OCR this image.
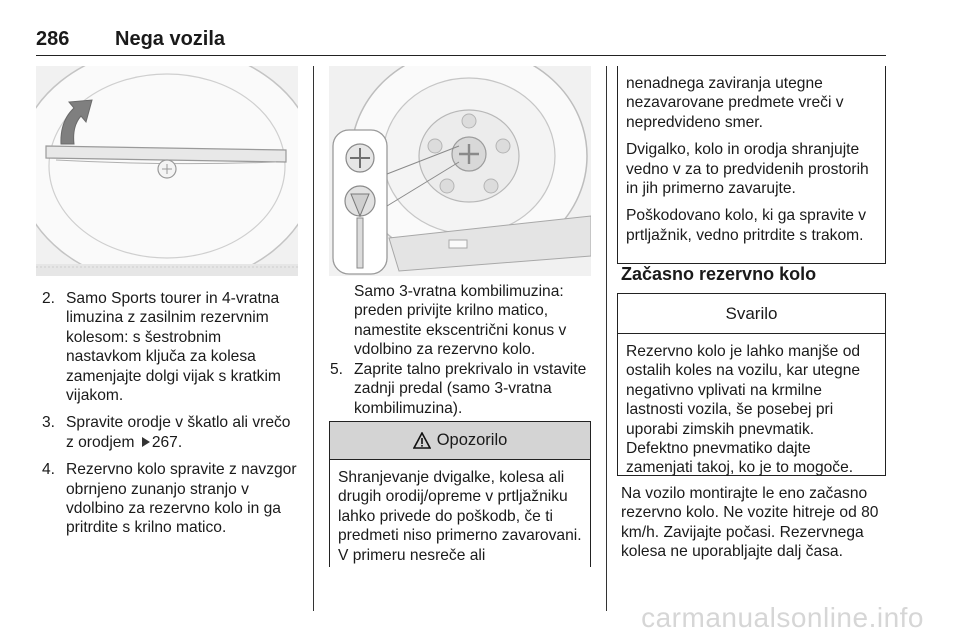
286 Nega vozila
2. Samo Sports tourer in 4-vratna limuzina z zasilnim rezervnim kolesom: s šestrobnim nastavkom ključa za kolesa zamenjajte dolgi vijak s kratkim vijakom.
3. Spravite orodje v škatlo ali vrečo z orodjem 267.
4. Rezervno kolo spravite z navzgor obrnjeno zunanjo stranjo v vdolbino za rezervno kolo in ga pritrdite s krilno matico.
Samo 3-vratna kombilimuzina: preden privijte krilno matico, namestite ekscentrični konus v vdolbino za rezervno kolo.
5. Zaprite talno prekrivalo in vstavite zadnji predal (samo 3-vratna kombilimuzina).
Opozorilo
Shranjevanje dvigalke, kolesa ali drugih orodij/opreme v prtljažniku lahko privede do poškodb, če ti predmeti niso primerno zavarovani. V primeru nesreče ali

nenadnega zaviranja utegne nezavarovane predmete vreči v nepredvideno smer.

Dvigalko, kolo in orodja shranjujte vedno v za to predvidenih prostorih in jih primerno zavarujte.

Poškodovano kolo, ki ga spravite v prtljažnik, vedno pritrdite s trakom.

Začasno rezervno kolo
Svarilo
Rezervno kolo je lahko manjše od ostalih koles na vozilu, kar utegne negativno vplivati na krmilne lastnosti vozila, še posebej pri uporabi zimskih pnevmatik. Defektno pnevmatiko dajte zamenjati takoj, ko je to mogoče.
Na vozilo montirajte le eno začasno rezervno kolo. Ne vozite hitreje od 80 km/h. Zavijajte počasi. Rezervnega kolesa ne uporabljajte dalj časa.
carmanualsonline.info
